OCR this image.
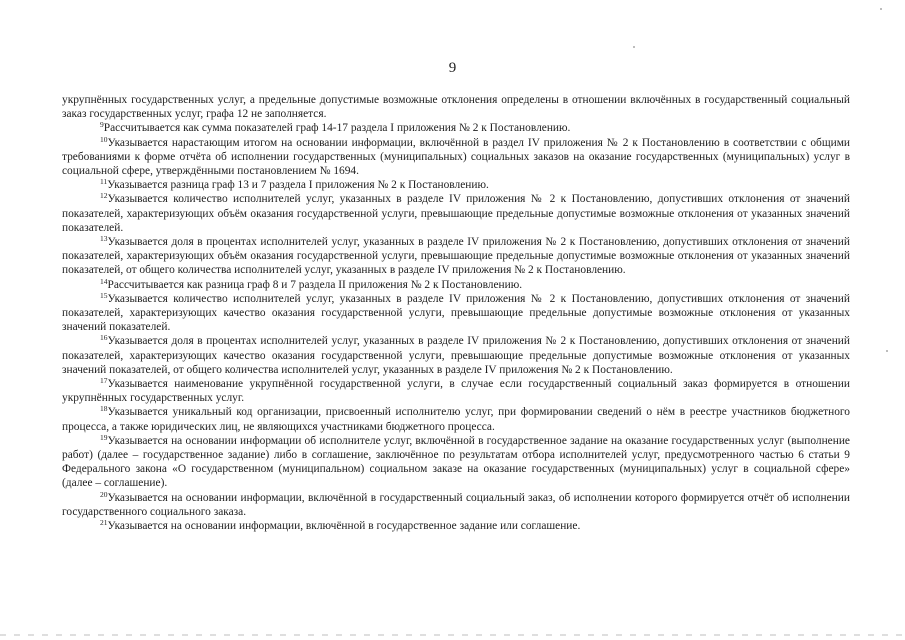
9

укрупнённых государственных услуг, а предельные допустимые возможные отклонения определены в отношении включённых в государственный социальный заказ государственных услуг, графа 12 не заполняется.

$^9$Рассчитывается как сумма показателей граф 14-17 раздела I приложения № 2 к Постановлению.

$^{10}$Указывается нарастающим итогом на основании информации, включённой в раздел IV приложения № 2 к Постановлению в соответствии с общими требованиями к форме отчёта об исполнении государственных (муниципальных) социальных заказов на оказание государственных (муниципальных) услуг в социальной сфере, утверждёнными постановлением № 1694.

$^{11}$Указывается разница граф 13 и 7 раздела I приложения № 2 к Постановлению.

$^{12}$Указывается количество исполнителей услуг, указанных в разделе IV приложения № 2 к Постановлению, допустивших отклонения от значений показателей, характеризующих объём оказания государственной услуги, превышающие предельные допустимые возможные отклонения от указанных значений показателей.

$^{13}$Указывается доля в процентах исполнителей услуг, указанных в разделе IV приложения № 2 к Постановлению, допустивших отклонения от значений показателей, характеризующих объём оказания государственной услуги, превышающие предельные допустимые возможные отклонения от указанных значений показателей, от общего количества исполнителей услуг, указанных в разделе IV приложения № 2 к Постановлению.

$^{14}$Рассчитывается как разница граф 8 и 7 раздела II приложения № 2 к Постановлению.

$^{15}$Указывается количество исполнителей услуг, указанных в разделе IV приложения № 2 к Постановлению, допустивших отклонения от значений показателей, характеризующих качество оказания государственной услуги, превышающие предельные допустимые возможные отклонения от указанных значений показателей.

$^{16}$Указывается доля в процентах исполнителей услуг, указанных в разделе IV приложения № 2 к Постановлению, допустивших отклонения от значений показателей, характеризующих качество оказания государственной услуги, превышающие предельные допустимые возможные отклонения от указанных значений показателей, от общего количества исполнителей услуг, указанных в разделе IV приложения № 2 к Постановлению.

$^{17}$Указывается наименование укрупнённой государственной услуги, в случае если государственный социальный заказ формируется в отношении укрупнённых государственных услуг.

$^{18}$Указывается уникальный код организации, присвоенный исполнителю услуг, при формировании сведений о нём в реестре участников бюджетного процесса, а также юридических лиц, не являющихся участниками бюджетного процесса.

$^{19}$Указывается на основании информации об исполнителе услуг, включённой в государственное задание на оказание государственных услуг (выполнение работ) (далее – государственное задание) либо в соглашение, заключённое по результатам отбора исполнителей услуг, предусмотренного частью 6 статьи 9 Федерального закона «О государственном (муниципальном) социальном заказе на оказание государственных (муниципальных) услуг в социальной сфере» (далее – соглашение).

$^{20}$Указывается на основании информации, включённой в государственный социальный заказ, об исполнении которого формируется отчёт об исполнении государственного социального заказа.

$^{21}$Указывается на основании информации, включённой в государственное задание или соглашение.
